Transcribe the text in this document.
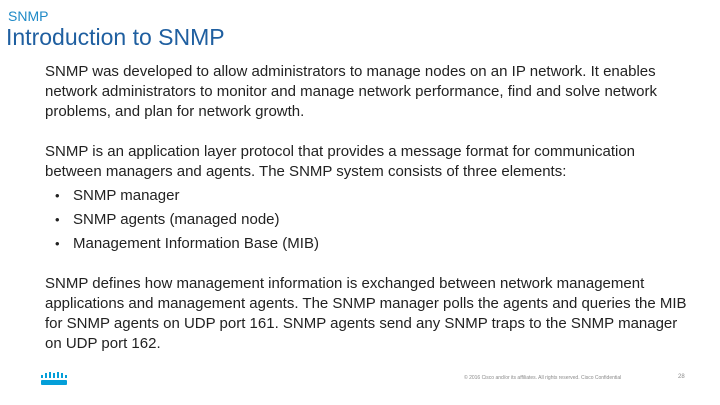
SNMP
Introduction to SNMP

SNMP was developed to allow administrators to manage nodes on an IP network. It enables network administrators to monitor and manage network performance, find and solve network problems, and plan for network growth.

SNMP is an application layer protocol that provides a message format for communication between managers and agents. The SNMP system consists of three elements:

• SNMP manager
• SNMP agents (managed node)
• Management Information Base (MIB)

SNMP defines how management information is exchanged between network management applications and management agents. The SNMP manager polls the agents and queries the MIB for SNMP agents on UDP port 161. SNMP agents send any SNMP traps to the SNMP manager on UDP port 162.

© 2016 Cisco and/or its affiliates. All rights reserved. Cisco Confidential	28
